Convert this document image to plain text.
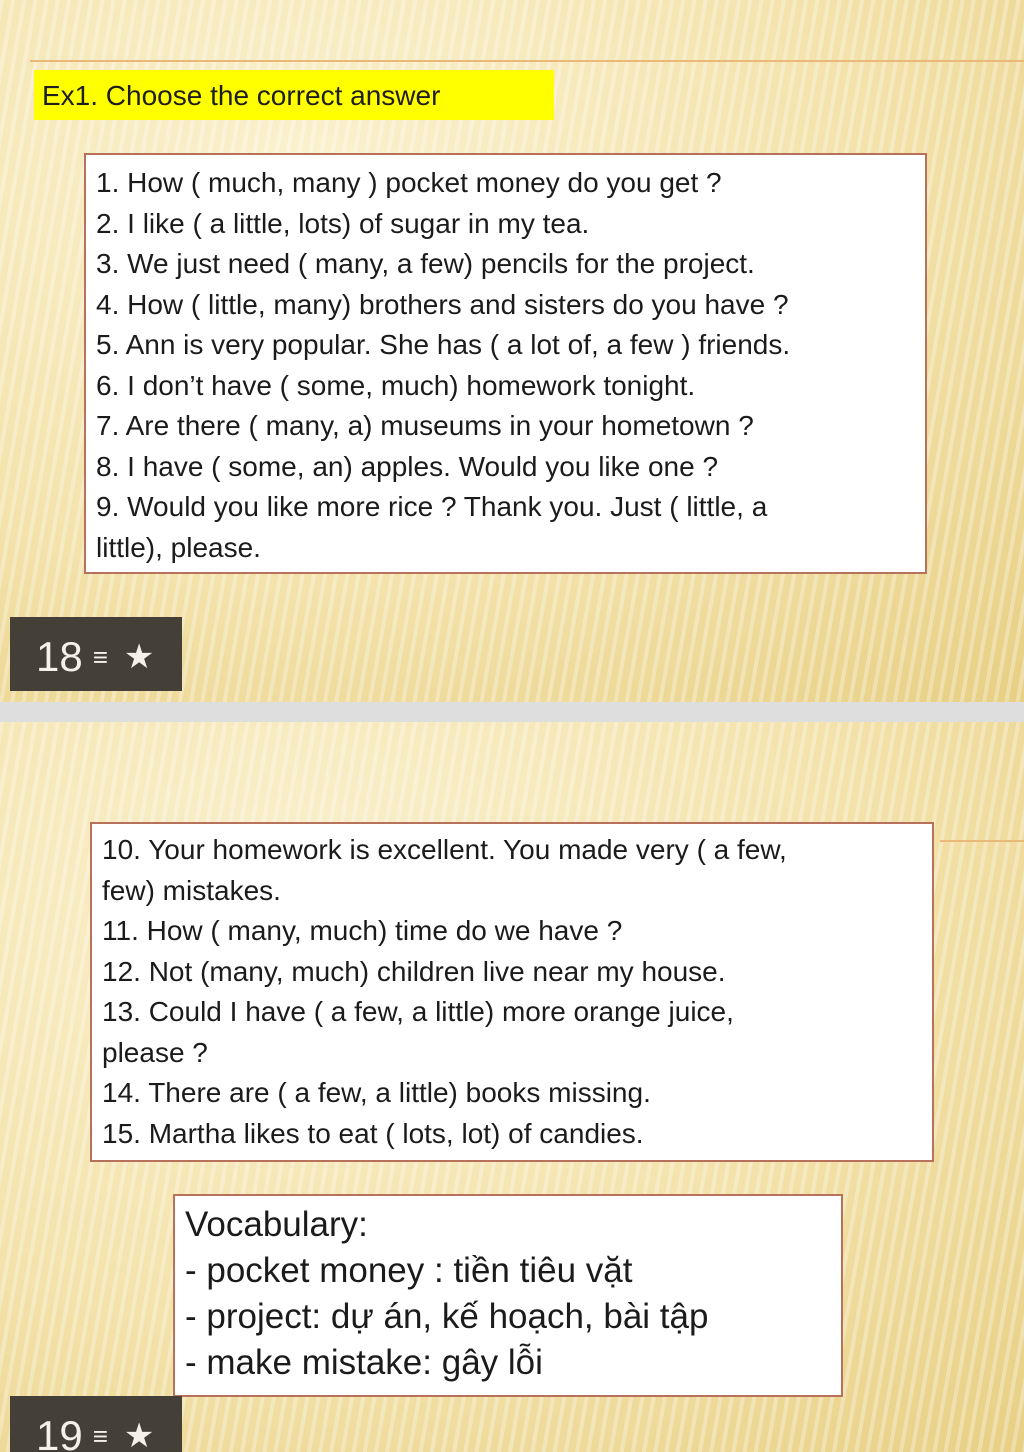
Ex1. Choose the correct answer
1. How ( much, many ) pocket money do you get ?
2. I like ( a little, lots) of sugar in my tea.
3. We just need ( many, a few) pencils for the project.
4. How ( little, many) brothers and sisters do you have ?
5. Ann is very popular. She has ( a lot of, a few ) friends.
6. I don’t have ( some, much) homework tonight.
7. Are there ( many, a) museums in your hometown ?
8. I have ( some, an) apples. Would you like one ?
9. Would you like more rice ? Thank you. Just ( little, a
little), please.
18 ≡ ★
10. Your homework is excellent. You made very ( a few,
few) mistakes.
11. How ( many, much) time do we have ?
12. Not (many, much) children live near my house.
13. Could I have ( a few, a little) more orange juice,
please ?
14. There are ( a few, a little) books missing.
15. Martha likes to eat ( lots, lot) of candies.
Vocabulary:
- pocket money : tiền tiêu vặt
- project: dự án, kế hoạch, bài tập
- make mistake: gây lỗi
19 ≡ ★
